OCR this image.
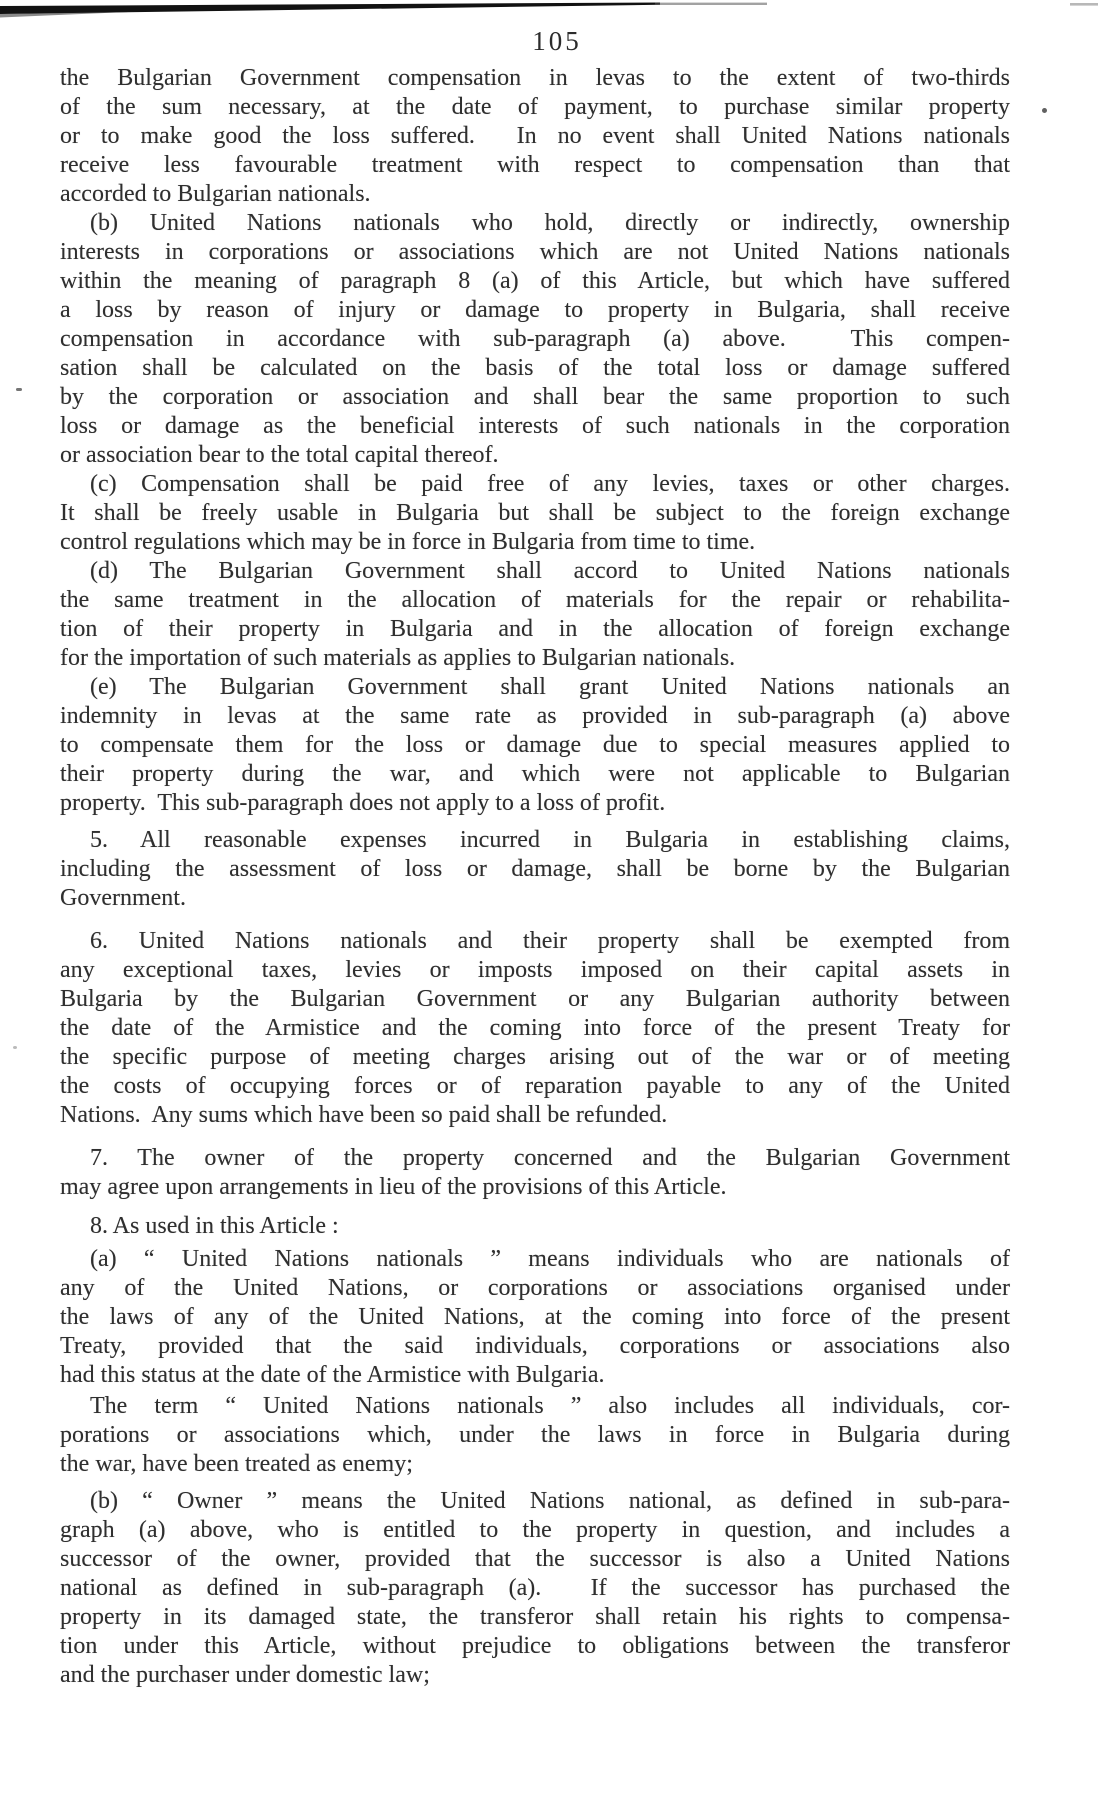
105
the Bulgarian Government compensation in levas to the extent of two-thirds
of the sum necessary, at the date of payment, to purchase similar property
or to make good the loss suffered.  In no event shall United Nations nationals
receive less favourable treatment with respect to compensation than that
accorded to Bulgarian nationals.
(b) United Nations nationals who hold, directly or indirectly, ownership
interests in corporations or associations which are not United Nations nationals
within the meaning of paragraph 8 (a) of this Article, but which have suffered
a loss by reason of injury or damage to property in Bulgaria, shall receive
compensation in accordance with sub-paragraph (a) above.  This compen-
sation shall be calculated on the basis of the total loss or damage suffered
by the corporation or association and shall bear the same proportion to such
loss or damage as the beneficial interests of such nationals in the corporation
or association bear to the total capital thereof.
(c) Compensation shall be paid free of any levies, taxes or other charges.
It shall be freely usable in Bulgaria but shall be subject to the foreign exchange
control regulations which may be in force in Bulgaria from time to time.
(d) The Bulgarian Government shall accord to United Nations nationals
the same treatment in the allocation of materials for the repair or rehabilita-
tion of their property in Bulgaria and in the allocation of foreign exchange
for the importation of such materials as applies to Bulgarian nationals.
(e) The Bulgarian Government shall grant United Nations nationals an
indemnity in levas at the same rate as provided in sub-paragraph (a) above
to compensate them for the loss or damage due to special measures applied to
their property during the war, and which were not applicable to Bulgarian
property.  This sub-paragraph does not apply to a loss of profit.
5. All reasonable expenses incurred in Bulgaria in establishing claims,
including the assessment of loss or damage, shall be borne by the Bulgarian
Government.
6. United Nations nationals and their property shall be exempted from
any exceptional taxes, levies or imposts imposed on their capital assets in
Bulgaria by the Bulgarian Government or any Bulgarian authority between
the date of the Armistice and the coming into force of the present Treaty for
the specific purpose of meeting charges arising out of the war or of meeting
the costs of occupying forces or of reparation payable to any of the United
Nations.  Any sums which have been so paid shall be refunded.
7. The owner of the property concerned and the Bulgarian Government
may agree upon arrangements in lieu of the provisions of this Article.
8. As used in this Article :
(a) “ United Nations nationals ” means individuals who are nationals of
any of the United Nations, or corporations or associations organised under
the laws of any of the United Nations, at the coming into force of the present
Treaty, provided that the said individuals, corporations or associations also
had this status at the date of the Armistice with Bulgaria.
The term “ United Nations nationals ” also includes all individuals, cor-
porations or associations which, under the laws in force in Bulgaria during
the war, have been treated as enemy;
(b) “ Owner ” means the United Nations national, as defined in sub-para-
graph (a) above, who is entitled to the property in question, and includes a
successor of the owner, provided that the successor is also a United Nations
national as defined in sub-paragraph (a).  If the successor has purchased the
property in its damaged state, the transferor shall retain his rights to compensa-
tion under this Article, without prejudice to obligations between the transferor
and the purchaser under domestic law;
